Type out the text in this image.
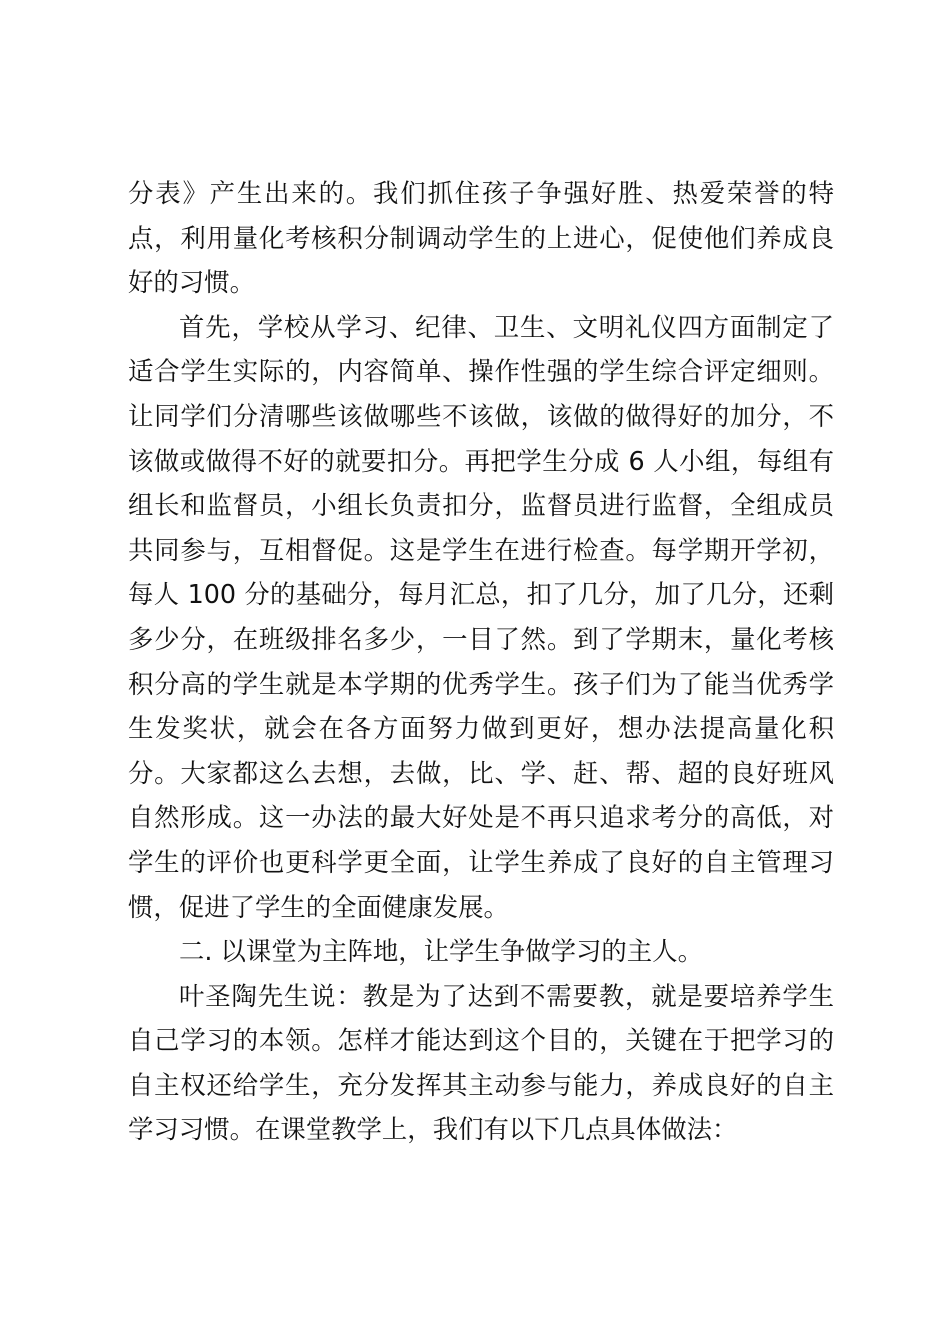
分表》产生出来的。我们抓住孩子争强好胜、热爱荣誉的特点，利用量化考核积分制调动学生的上进心，促使他们养成良好的习惯。

首先，学校从学习、纪律、卫生、文明礼仪四方面制定了适合学生实际的，内容简单、操作性强的学生综合评定细则。让同学们分清哪些该做哪些不该做，该做的做得好的加分，不该做或做得不好的就要扣分。再把学生分成 6 人小组，每组有组长和监督员，小组长负责扣分，监督员进行监督，全组成员共同参与，互相督促。这是学生在进行检查。每学期开学初，每人 100 分的基础分，每月汇总，扣了几分，加了几分，还剩多少分，在班级排名多少，一目了然。到了学期末，量化考核积分高的学生就是本学期的优秀学生。孩子们为了能当优秀学生发奖状，就会在各方面努力做到更好，想办法提高量化积分。大家都这么去想，去做，比、学、赶、帮、超的良好班风自然形成。这一办法的最大好处是不再只追求考分的高低，对学生的评价也更科学更全面，让学生养成了良好的自主管理习惯，促进了学生的全面健康发展。

二. 以课堂为主阵地，让学生争做学习的主人。

叶圣陶先生说：教是为了达到不需要教，就是要培养学生自己学习的本领。怎样才能达到这个目的，关键在于把学习的自主权还给学生，充分发挥其主动参与能力，养成良好的自主学习习惯。在课堂教学上，我们有以下几点具体做法：
